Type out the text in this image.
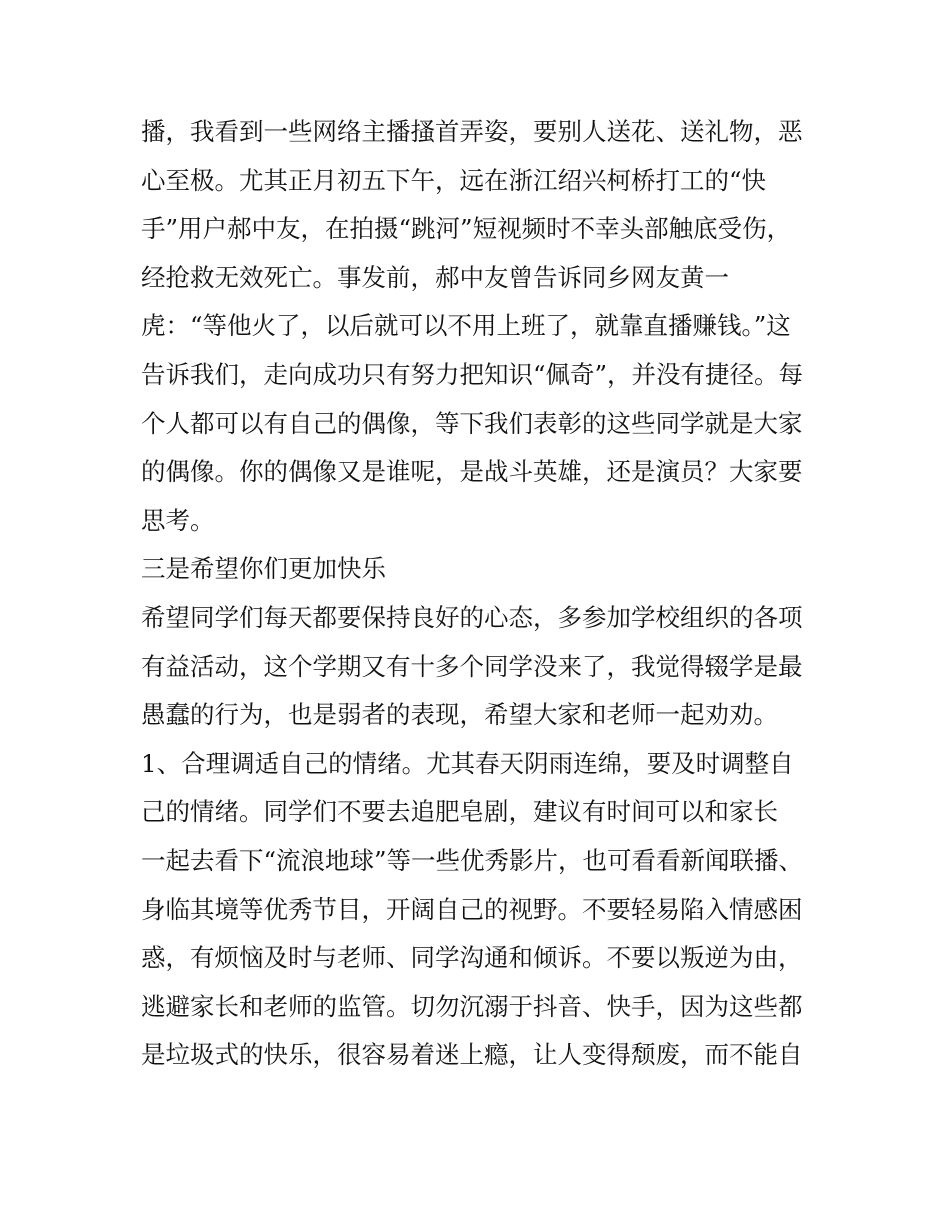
播，我看到一些网络主播搔首弄姿，要别人送花、送礼物，恶
心至极。尤其正月初五下午，远在浙江绍兴柯桥打工的“快
手”用户郝中友，在拍摄“跳河”短视频时不幸头部触底受伤，
经抢救无效死亡。事发前，郝中友曾告诉同乡网友黄一
虎：“等他火了，以后就可以不用上班了，就靠直播赚钱。”这
告诉我们，走向成功只有努力把知识“佩奇”，并没有捷径。每
个人都可以有自己的偶像，等下我们表彰的这些同学就是大家
的偶像。你的偶像又是谁呢，是战斗英雄，还是演员？大家要
思考。
三是希望你们更加快乐
希望同学们每天都要保持良好的心态，多参加学校组织的各项
有益活动，这个学期又有十多个同学没来了，我觉得辍学是最
愚蠢的行为，也是弱者的表现，希望大家和老师一起劝劝。
1、合理调适自己的情绪。尤其春天阴雨连绵，要及时调整自
己的情绪。同学们不要去追肥皂剧，建议有时间可以和家长
一起去看下“流浪地球”等一些优秀影片，也可看看新闻联播、
身临其境等优秀节目，开阔自己的视野。不要轻易陷入情感困
惑，有烦恼及时与老师、同学沟通和倾诉。不要以叛逆为由，
逃避家长和老师的监管。切勿沉溺于抖音、快手，因为这些都
是垃圾式的快乐，很容易着迷上瘾，让人变得颓废，而不能自
